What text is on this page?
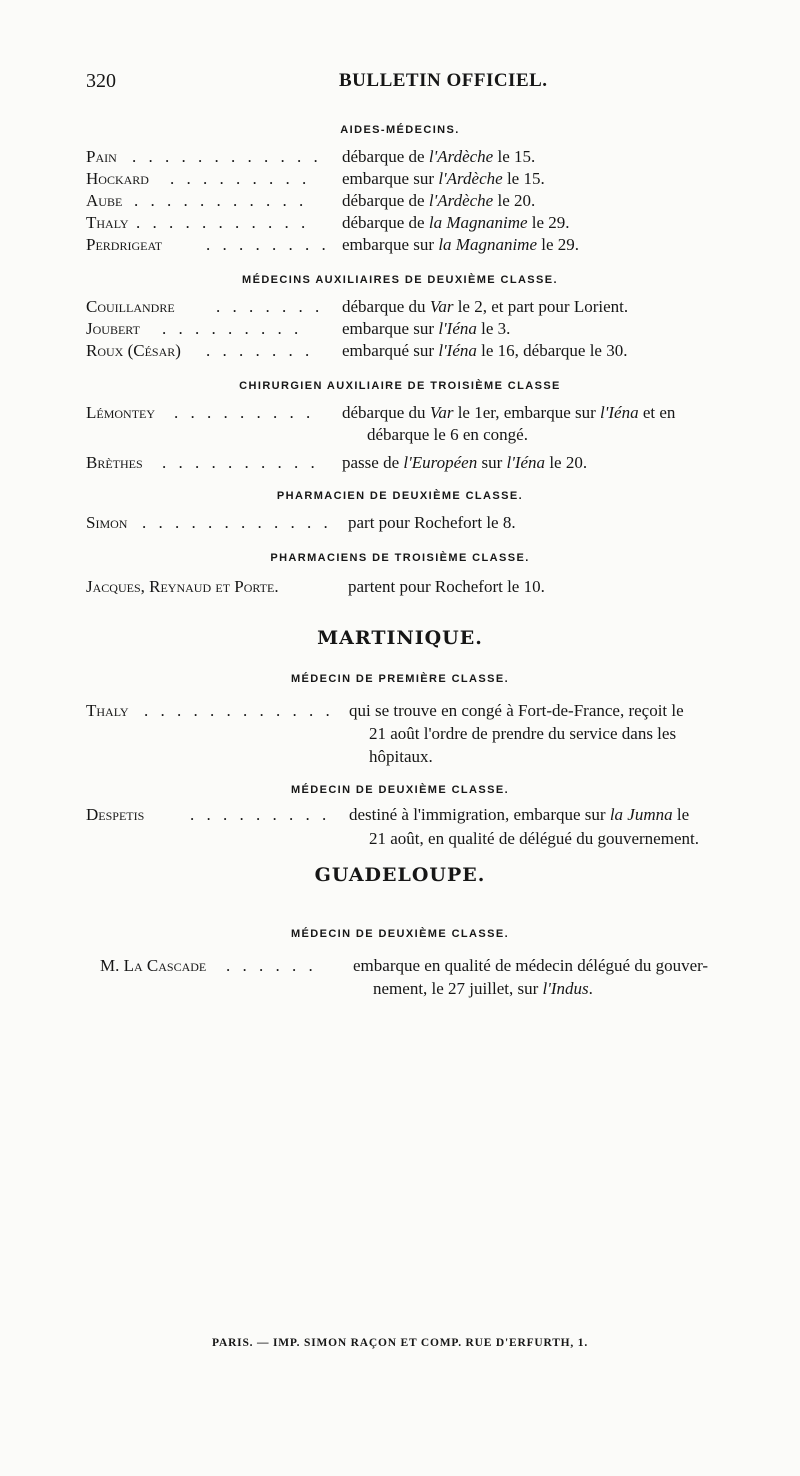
320	BULLETIN OFFICIEL.
AIDES-MÉDECINS.
Pain . . . . . . . . . . . . débarque de l'Ardèche le 15.
Hockard . . . . . . . . . embarque sur l'Ardèche le 15.
Aube . . . . . . . . . . . débarque de l'Ardèche le 20.
Thaly . . . . . . . . . . . débarque de la Magnanime le 29.
Perdrigeat	. . . . . . . . embarque sur la Magnanime le 29.
MÉDECINS AUXILIAIRES DE DEUXIÈME CLASSE.
Couillandre . . . . . . . débarque du Var le 2, et part pour Lorient.
Joubert . . . . . . . . . embarque sur l'Iéna le 3.
Roux (César) . . . . . . . embarqué sur l'Iéna le 16, débarque le 30.
CHIRURGIEN AUXILIAIRE DE TROISIÈME CLASSE
Lémontey . . . . . . . . . débarque du Var le 1er, embarque sur l'Iéna et en
débarque le 6 en congé.
Brèthes . . . . . . . . . . passe de l'Européen sur l'Iéna le 20.
PHARMACIEN DE DEUXIÈME CLASSE.
Simon . . . . . . . . . . . . part pour Rochefort le 8.
PHARMACIENS DE TROISIÈME CLASSE.
Jacques, Reynaud et Porte.	partent pour Rochefort le 10.
MARTINIQUE.
MÉDECIN DE PREMIÈRE CLASSE.
Thaly . . . . . . . . . . . . qui se trouve en congé à Fort-de-France, reçoit le
21 août l'ordre de prendre du service dans les
hôpitaux.
MÉDECIN DE DEUXIÈME CLASSE.
Despetis	. . . . . . . . . destiné à l'immigration, embarque sur la Jumna le
21 août, en qualité de délégué du gouvernement.
GUADELOUPE.
MÉDECIN DE DEUXIÈME CLASSE.
M. La Cascade . . . . . . embarque en qualité de médecin délégué du gouver-
nement, le 27 juillet, sur l'Indus.
PARIS. — IMP. SIMON RAÇON ET COMP. RUE D'ERFURTH, 1.
